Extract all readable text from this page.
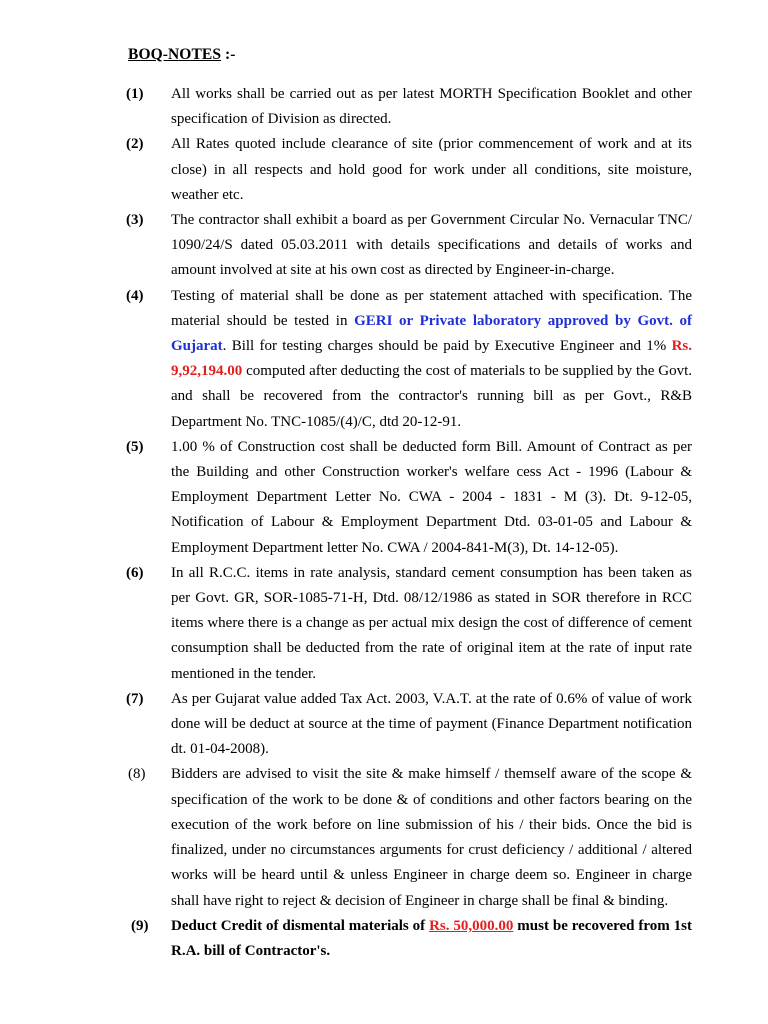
BOQ-NOTES :-
(1) All works shall be carried out as per latest MORTH Specification Booklet and other specification of Division as directed.
(2) All Rates quoted include clearance of site (prior commencement of work and at its close) in all respects and hold good for work under all conditions, site moisture, weather etc.
(3) The contractor shall exhibit a board as per Government Circular No. Vernacular TNC/ 1090/24/S dated 05.03.2011 with details specifications and details of works and amount involved at site at his own cost as directed by Engineer-in-charge.
(4) Testing of material shall be done as per statement attached with specification. The material should be tested in GERI or Private laboratory approved by Govt. of Gujarat. Bill for testing charges should be paid by Executive Engineer and 1% Rs. 9,92,194.00 computed after deducting the cost of materials to be supplied by the Govt. and shall be recovered from the contractor's running bill as per Govt., R&B Department No. TNC-1085/(4)/C, dtd 20-12-91.
(5) 1.00 % of Construction cost shall be deducted form Bill. Amount of Contract as per the Building and other Construction worker's welfare cess Act - 1996 (Labour & Employment Department Letter No. CWA - 2004 - 1831 - M (3). Dt. 9-12-05, Notification of Labour & Employment Department Dtd. 03-01-05 and Labour & Employment Department letter No. CWA / 2004-841-M(3), Dt. 14-12-05).
(6) In all R.C.C. items in rate analysis, standard cement consumption has been taken as per Govt. GR, SOR-1085-71-H, Dtd. 08/12/1986 as stated in SOR therefore in RCC items where there is a change as per actual mix design the cost of difference of cement consumption shall be deducted from the rate of original item at the rate of input rate mentioned in the tender.
(7) As per Gujarat value added Tax Act. 2003, V.A.T. at the rate of 0.6% of value of work done will be deduct at source at the time of payment (Finance Department notification dt. 01-04-2008).
(8) Bidders are advised to visit the site & make himself / themself aware of the scope & specification of the work to be done & of conditions and other factors bearing on the execution of the work before on line submission of his / their bids. Once the bid is finalized, under no circumstances arguments for crust deficiency / additional / altered works will be heard until & unless Engineer in charge deem so. Engineer in charge shall have right to reject & decision of Engineer in charge shall be final & binding.
(9) Deduct Credit of dismental materials of Rs. 50,000.00 must be recovered from 1st R.A. bill of Contractor's.
